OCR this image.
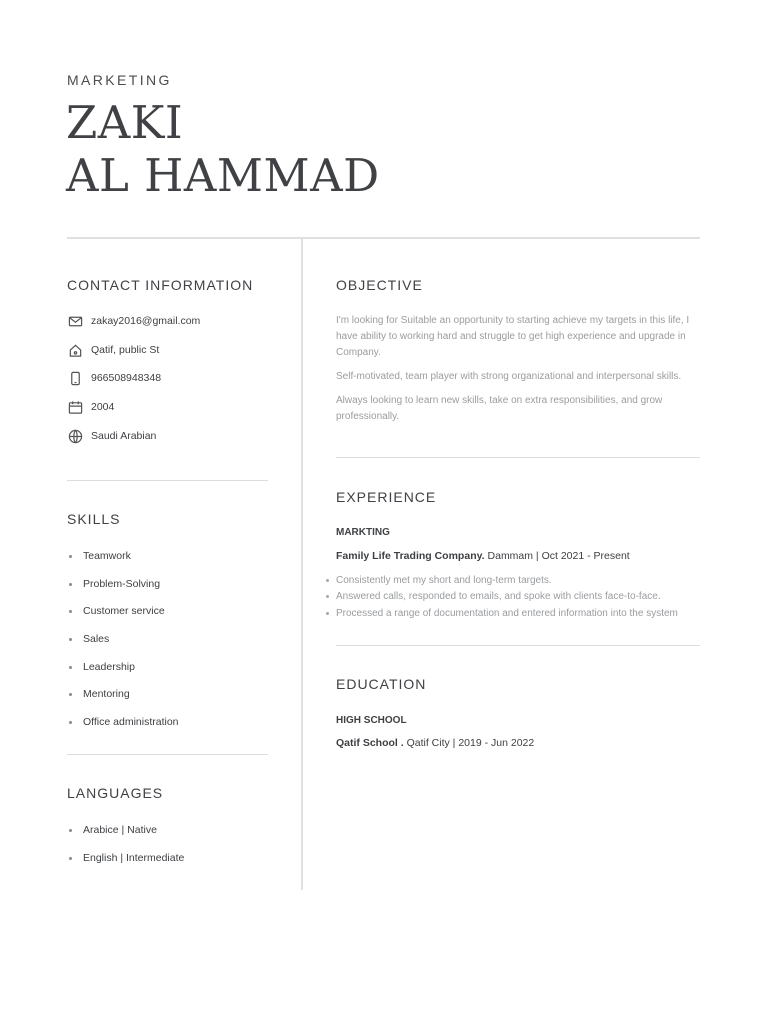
MARKETING
ZAKI
AL HAMMAD
CONTACT INFORMATION
zakay2016@gmail.com
Qatif, public St
966508948348
2004
Saudi Arabian
SKILLS
Teamwork
Problem-Solving
Customer service
Sales
Leadership
Mentoring
Office administration
LANGUAGES
Arabice | Native
English | Intermediate
OBJECTIVE
I'm looking for Suitable an opportunity to starting achieve my targets in this life, I have ability to working hard and struggle to get high experience and upgrade in Company.
Self-motivated, team player with strong organizational and interpersonal skills.
Always looking to learn new skills, take on extra responsibilities, and grow professionally.
EXPERIENCE
MARKTING
Family Life Trading Company. Dammam | Oct 2021 - Present
Consistently met my short and long-term targets.
Answered calls, responded to emails, and spoke with clients face-to-face.
Processed a range of documentation and entered information into the system
EDUCATION
HIGH SCHOOL
Qatif School . Qatif City | 2019 - Jun 2022
